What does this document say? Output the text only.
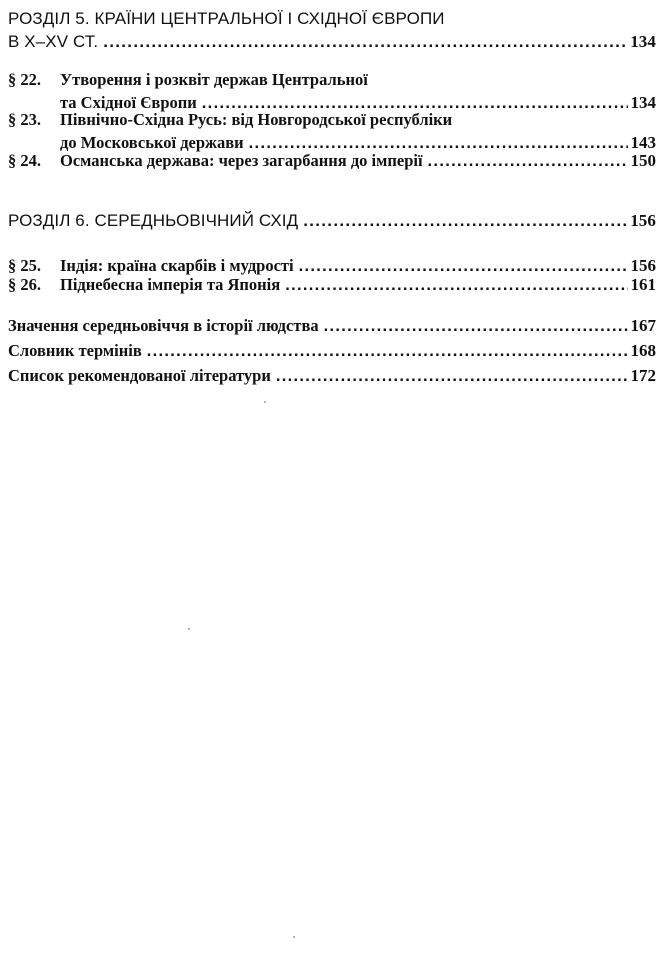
РОЗДІЛ 5. КРАЇНИ ЦЕНТРАЛЬНОЇ І СХІДНОЇ ЄВРОПИ
В X–XV СТ. .....	134
§ 22. Утворення і розквіт держав Центральної
та Східної Європи .....	134
§ 23. Північно-Східна Русь: від Новгородської республіки
до Московської держави .....	143
§ 24. Османська держава: через загарбання до імперії .....	150
РОЗДІЛ 6. СЕРЕДНЬОВІЧНИЙ СХІД .....	156
§ 25. Індія: країна скарбів і мудрості .....	156
§ 26. Піднебесна імперія та Японія .....	161
Значення середньовіччя в історії людства .....	167
Словник термінів .....	168
Список рекомендованої літератури .....	172
